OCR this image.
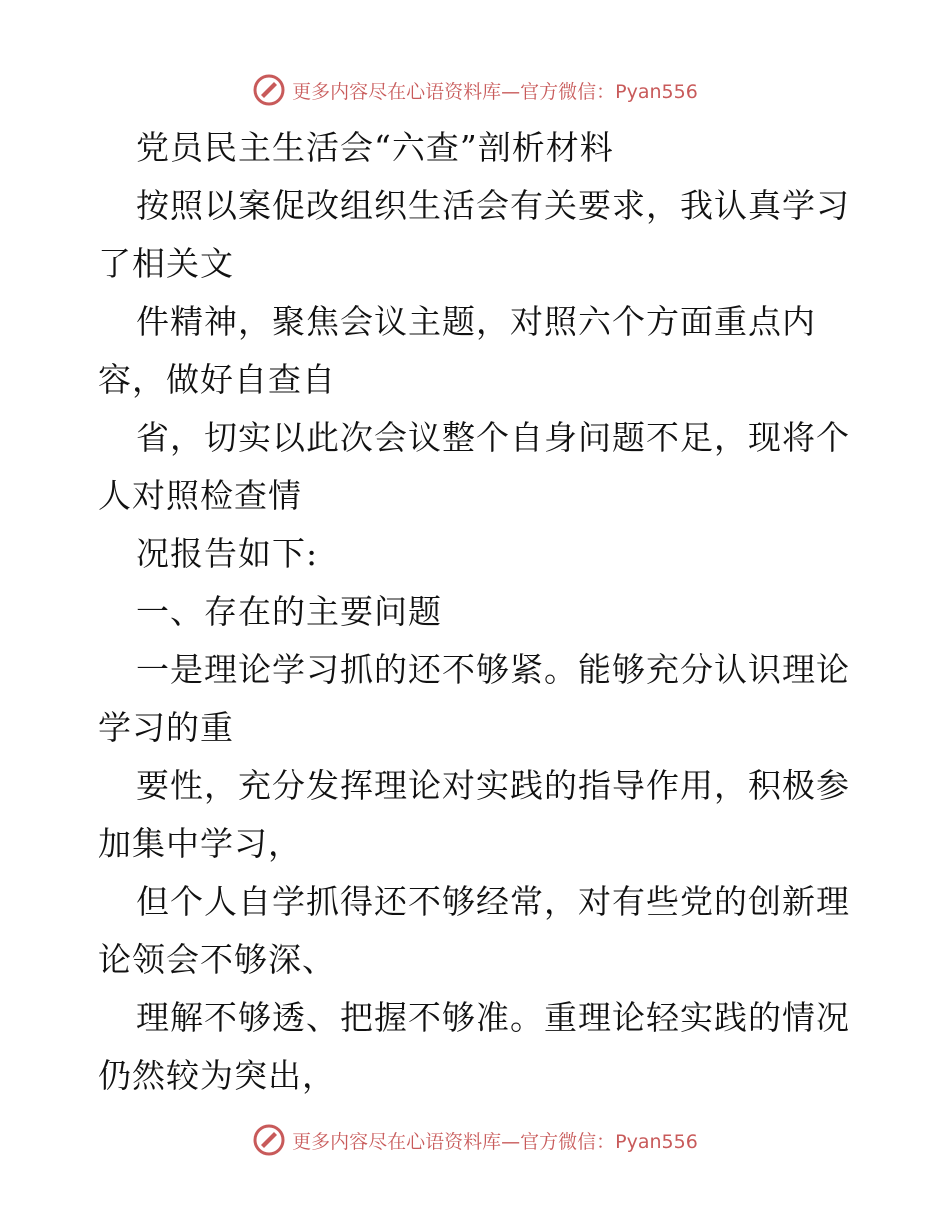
更多内容尽在心语资料库—官方微信：Pyan556
党员民主生活会“六查”剖析材料
按照以案促改组织生活会有关要求，我认真学习
了相关文
件精神，聚焦会议主题，对照六个方面重点内
容，做好自查自
省，切实以此次会议整个自身问题不足，现将个
人对照检查情
况报告如下:
一、存在的主要问题
一是理论学习抓的还不够紧。能够充分认识理论
学习的重
要性，充分发挥理论对实践的指导作用，积极参
加集中学习，
但个人自学抓得还不够经常，对有些党的创新理
论领会不够深、
理解不够透、把握不够准。重理论轻实践的情况
仍然较为突出，
更多内容尽在心语资料库—官方微信：Pyan556
